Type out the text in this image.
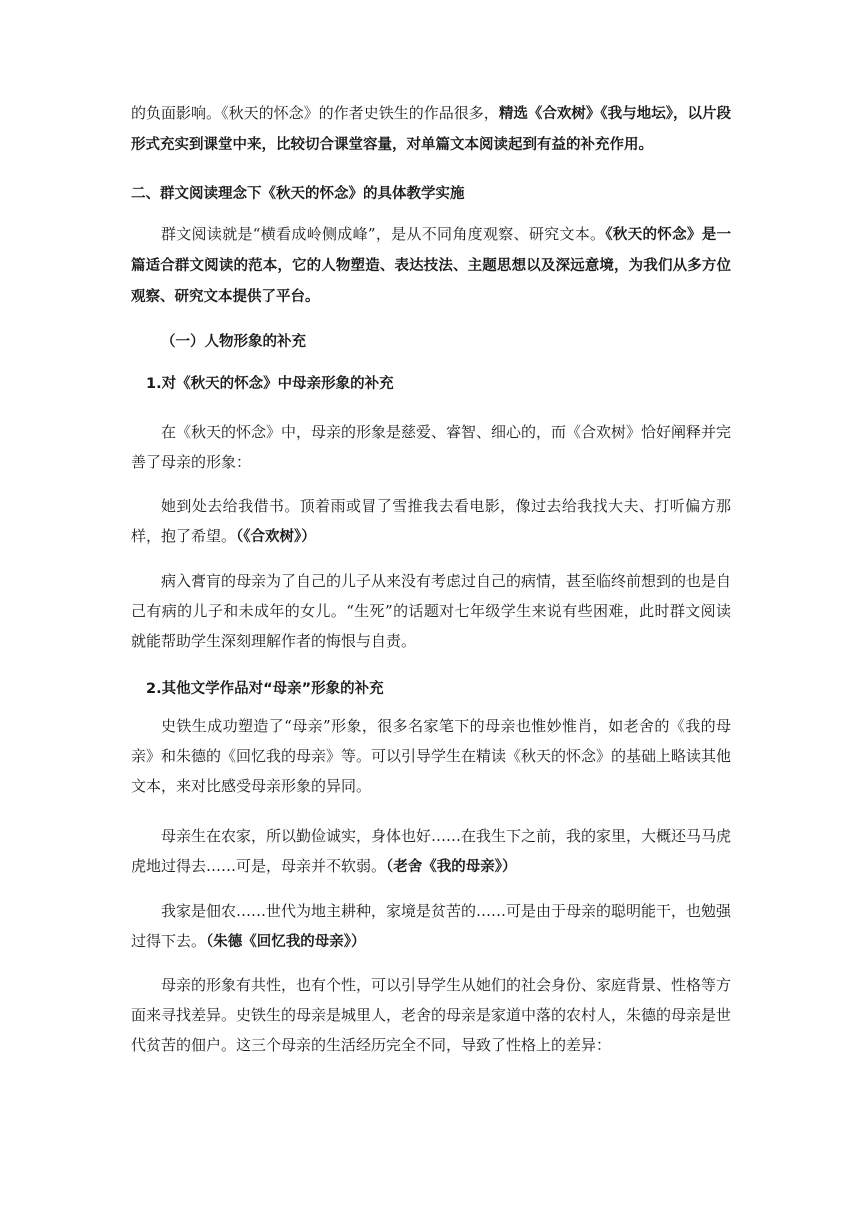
的负面影响。《秋天的怀念》的作者史铁生的作品很多，精选《合欢树》《我与地坛》，以片段形式充实到课堂中来，比较切合课堂容量，对单篇文本阅读起到有益的补充作用。

二、群文阅读理念下《秋天的怀念》的具体教学实施

群文阅读就是“横看成岭侧成峰”，是从不同角度观察、研究文本。《秋天的怀念》是一篇适合群文阅读的范本，它的人物塑造、表达技法、主题思想以及深远意境，为我们从多方位观察、研究文本提供了平台。

（一）人物形象的补充

1.对《秋天的怀念》中母亲形象的补充

在《秋天的怀念》中，母亲的形象是慈爱、睿智、细心的，而《合欢树》恰好阐释并完善了母亲的形象：

她到处去给我借书。顶着雨或冒了雪推我去看电影，像过去给我找大夫、打听偏方那样，抱了希望。（《合欢树》）

病入膏肓的母亲为了自己的儿子从来没有考虑过自己的病情，甚至临终前想到的也是自己有病的儿子和未成年的女儿。“生死”的话题对七年级学生来说有些困难，此时群文阅读就能帮助学生深刻理解作者的悔恨与自责。

2.其他文学作品对“母亲”形象的补充

史铁生成功塑造了“母亲”形象，很多名家笔下的母亲也惟妙惟肖，如老舍的《我的母亲》和朱德的《回忆我的母亲》等。可以引导学生在精读《秋天的怀念》的基础上略读其他文本，来对比感受母亲形象的异同。

母亲生在农家，所以勤俭诚实，身体也好……在我生下之前，我的家里，大概还马马虎虎地过得去……可是，母亲并不软弱。（老舍《我的母亲》）

我家是佃农……世代为地主耕种，家境是贫苦的……可是由于母亲的聪明能干，也勉强过得下去。（朱德《回忆我的母亲》）

母亲的形象有共性，也有个性，可以引导学生从她们的社会身份、家庭背景、性格等方面来寻找差异。史铁生的母亲是城里人，老舍的母亲是家道中落的农村人，朱德的母亲是世代贫苦的佃户。这三个母亲的生活经历完全不同，导致了性格上的差异：
